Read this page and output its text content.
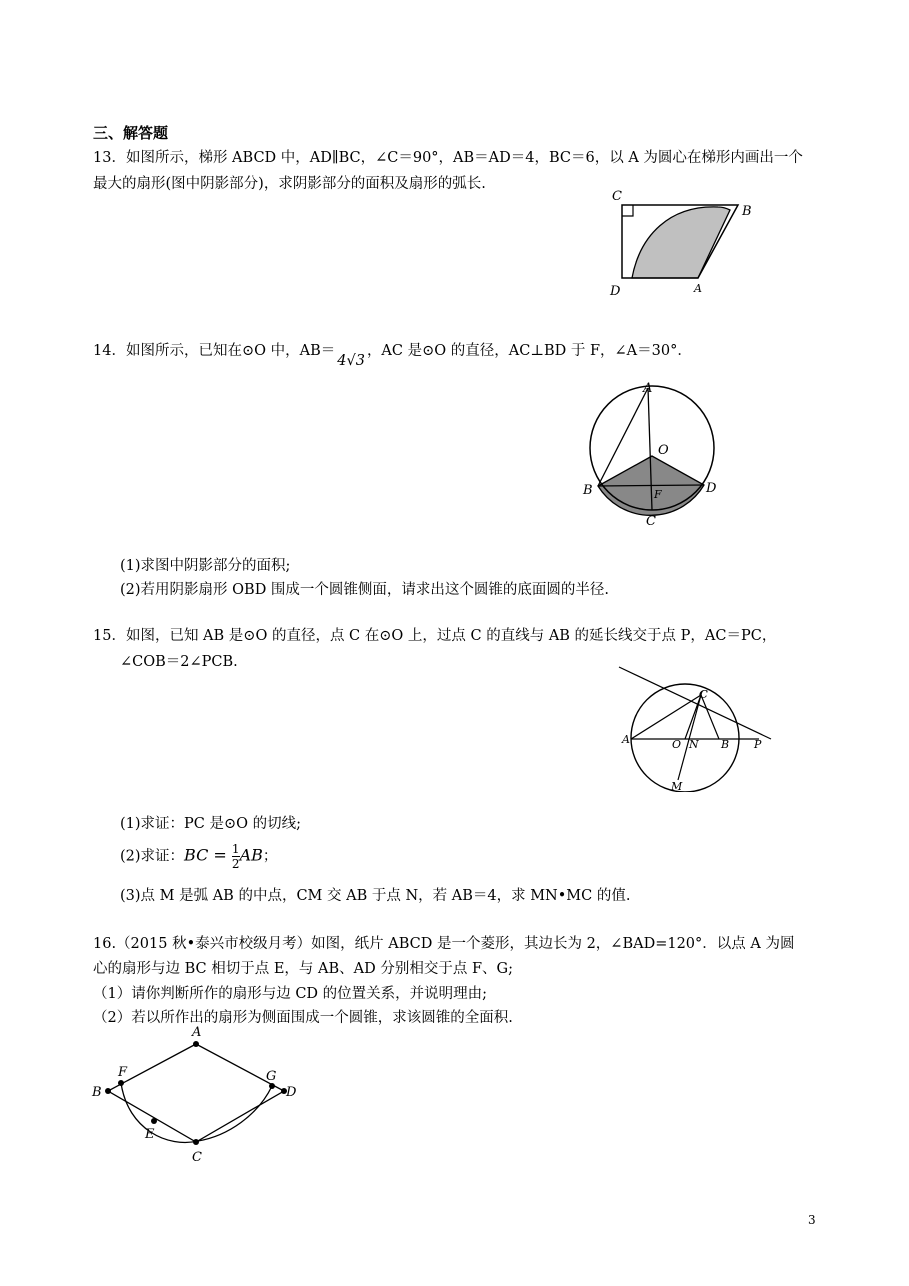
三、解答题
13．如图所示，梯形 ABCD 中，AD∥BC，∠C＝90°，AB＝AD＝4，BC＝6，以 A 为圆心在梯形内画出一个
最大的扇形(图中阴影部分)，求阴影部分的面积及扇形的弧长.
C
B
D	A
14．如图所示，已知在⊙O 中，AB＝4√3，AC 是⊙O 的直径，AC⊥BD 于 F，∠A＝30°．
A
O
B	D
F
C
(1)求图中阴影部分的面积;
(2)若用阴影扇形 OBD 围成一个圆锥侧面，请求出这个圆锥的底面圆的半径.
15．如图，已知 AB 是⊙O 的直径，点 C 在⊙O 上，过点 C 的直线与 AB 的延长线交于点 P，AC＝PC，
∠COB＝2∠PCB.
C
A	O N B P
M
(1)求证：PC 是⊙O 的切线;
(2)求证：BC = $\frac{1}{2}$ AB；
(3)点 M 是弧 AB 的中点，CM 交 AB 于点 N，若 AB＝4，求 MN•MC 的值.
16.（2015 秋•泰兴市校级月考）如图，纸片 ABCD 是一个菱形，其边长为 2，∠BAD=120°．以点 A 为圆
心的扇形与边 BC 相切于点 E，与 AB、AD 分别相交于点 F、G;
（1）请你判断所作的扇形与边 CD 的位置关系，并说明理由;
（2）若以所作出的扇形为侧面围成一个圆锥，求该圆锥的全面积.
A
F	G
B	D
E
C
3
